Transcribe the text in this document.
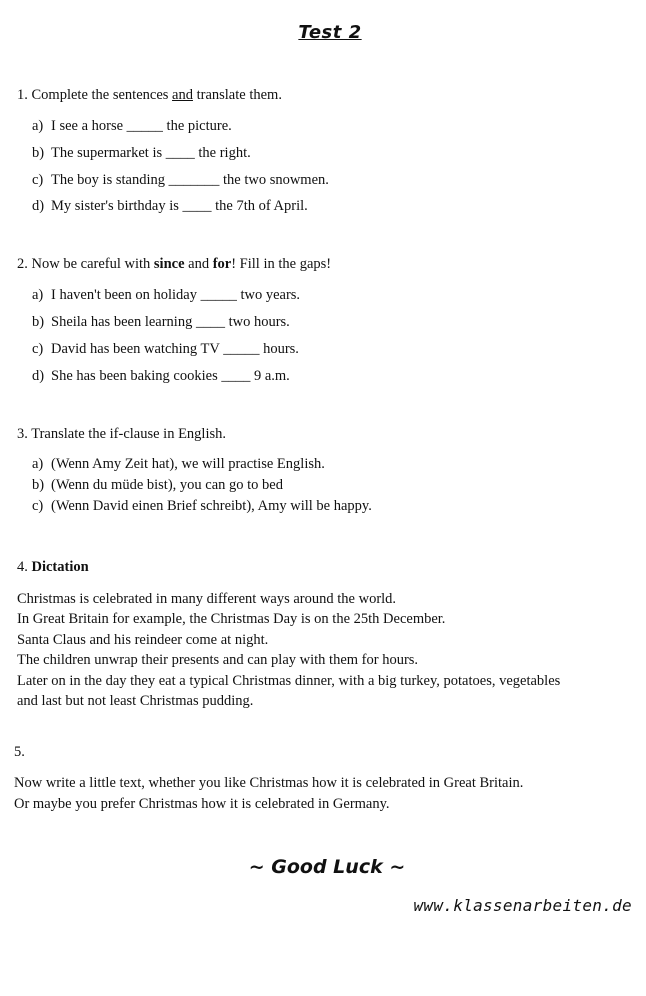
Test 2
1. Complete the sentences and translate them.
a) I see a horse _____ the picture.
b) The supermarket is ____ the right.
c) The boy is standing _______ the two snowmen.
d) My sister's birthday is ____ the 7th of April.
2. Now be careful with since and for! Fill in the gaps!
a) I haven't been on holiday _____ two years.
b) Sheila has been learning ____ two hours.
c) David has been watching TV _____ hours.
d) She has been baking cookies ____ 9 a.m.
3. Translate the if-clause in English.
a) (Wenn Amy Zeit hat), we will practise English.
b) (Wenn du müde bist), you can go to bed
c) (Wenn David einen Brief schreibt), Amy will be happy.
4. Dictation
Christmas is celebrated in many different ways around the world.
In Great Britain for example, the Christmas Day is on the 25th December.
Santa Claus and his reindeer come at night.
The children unwrap their presents and can play with them for hours.
Later on in the day they eat a typical Christmas dinner, with a big turkey, potatoes, vegetables
and last but not least Christmas pudding.
5.
Now write a little text, whether you like Christmas how it is celebrated in Great Britain.
Or maybe you prefer Christmas how it is celebrated in Germany.
~ Good Luck ~
www.klassenarbeiten.de
